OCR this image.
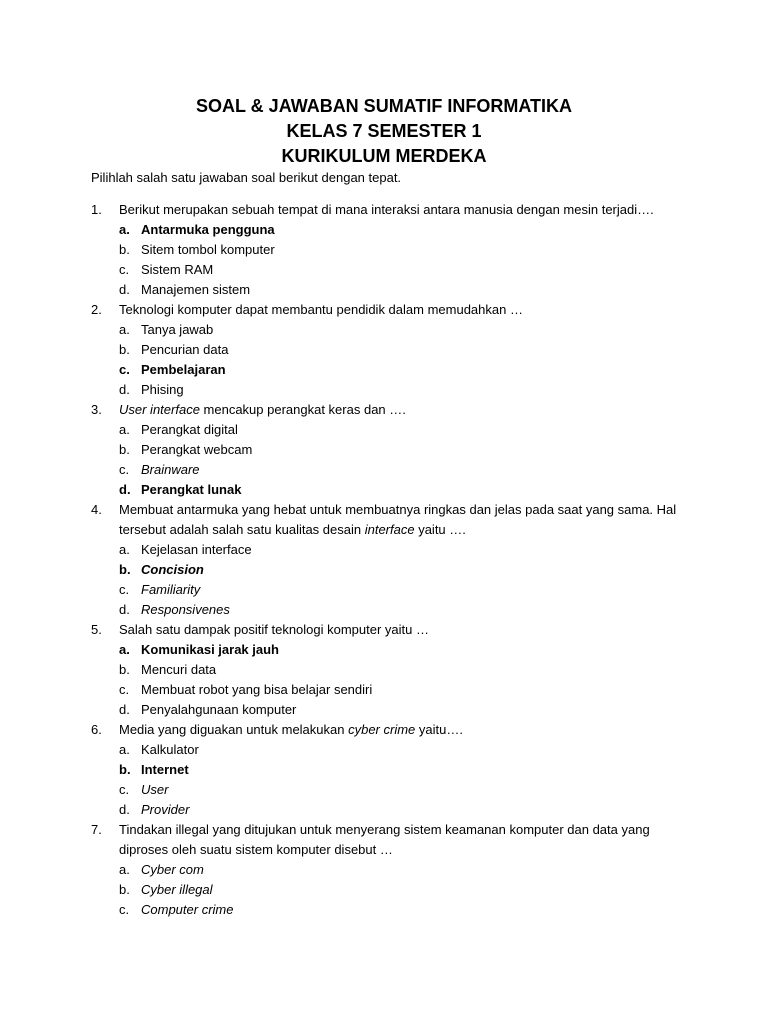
SOAL & JAWABAN SUMATIF INFORMATIKA
KELAS 7 SEMESTER 1
KURIKULUM MERDEKA
Pilihlah salah satu jawaban soal berikut dengan tepat.
1.	Berikut merupakan sebuah tempat di mana interaksi antara manusia dengan mesin terjadi….
a. Antarmuka pengguna
b. Sitem tombol komputer
c. Sistem RAM
d. Manajemen sistem
2.	Teknologi komputer dapat membantu pendidik dalam memudahkan …
a. Tanya jawab
b. Pencurian data
c. Pembelajaran
d. Phising
3.	User interface mencakup perangkat keras dan ….
a. Perangkat digital
b. Perangkat webcam
c. Brainware
d. Perangkat lunak
4.	Membuat antarmuka yang hebat untuk membuatnya ringkas dan jelas pada saat yang sama. Hal tersebut adalah salah satu kualitas desain interface yaitu ….
a. Kejelasan interface
b. Concision
c. Familiarity
d. Responsivenes
5.	Salah satu dampak positif teknologi komputer yaitu …
a. Komunikasi jarak jauh
b. Mencuri data
c. Membuat robot yang bisa belajar sendiri
d. Penyalahgunaan komputer
6.	Media yang diguakan untuk melakukan cyber crime yaitu….
a. Kalkulator
b. Internet
c. User
d. Provider
7.	Tindakan illegal yang ditujukan untuk menyerang sistem keamanan komputer dan data yang diproses oleh suatu sistem komputer disebut …
a. Cyber com
b. Cyber illegal
c. Computer crime
